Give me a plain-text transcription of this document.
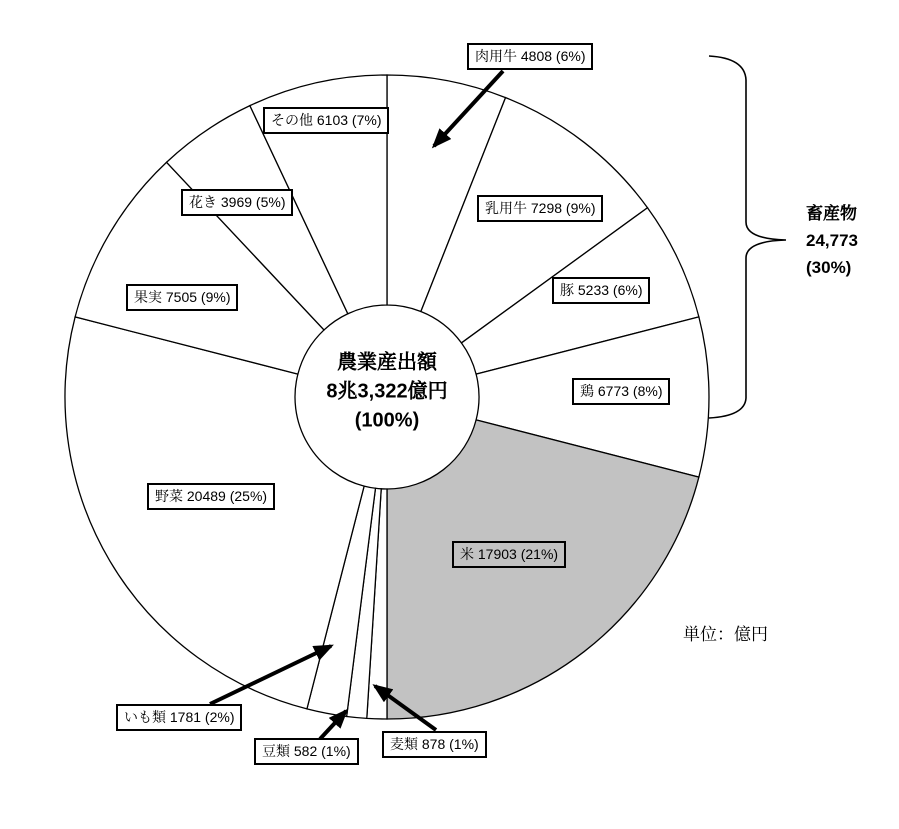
肉用牛 4808 (6%)
乳用牛 7298 (9%)
豚 5233 (6%)
鶏 6773 (8%)
米 17903 (21%)
麦類 878 (1%)
豆類 582 (1%)
いも類 1781 (2%)
野菜 20489 (25%)
果実 7505 (9%)
花き 3969 (5%)
その他 6103 (7%)
農業産出額
8兆3,322億円
(100%)
畜産物
24,773
(30%)
単位：億円
